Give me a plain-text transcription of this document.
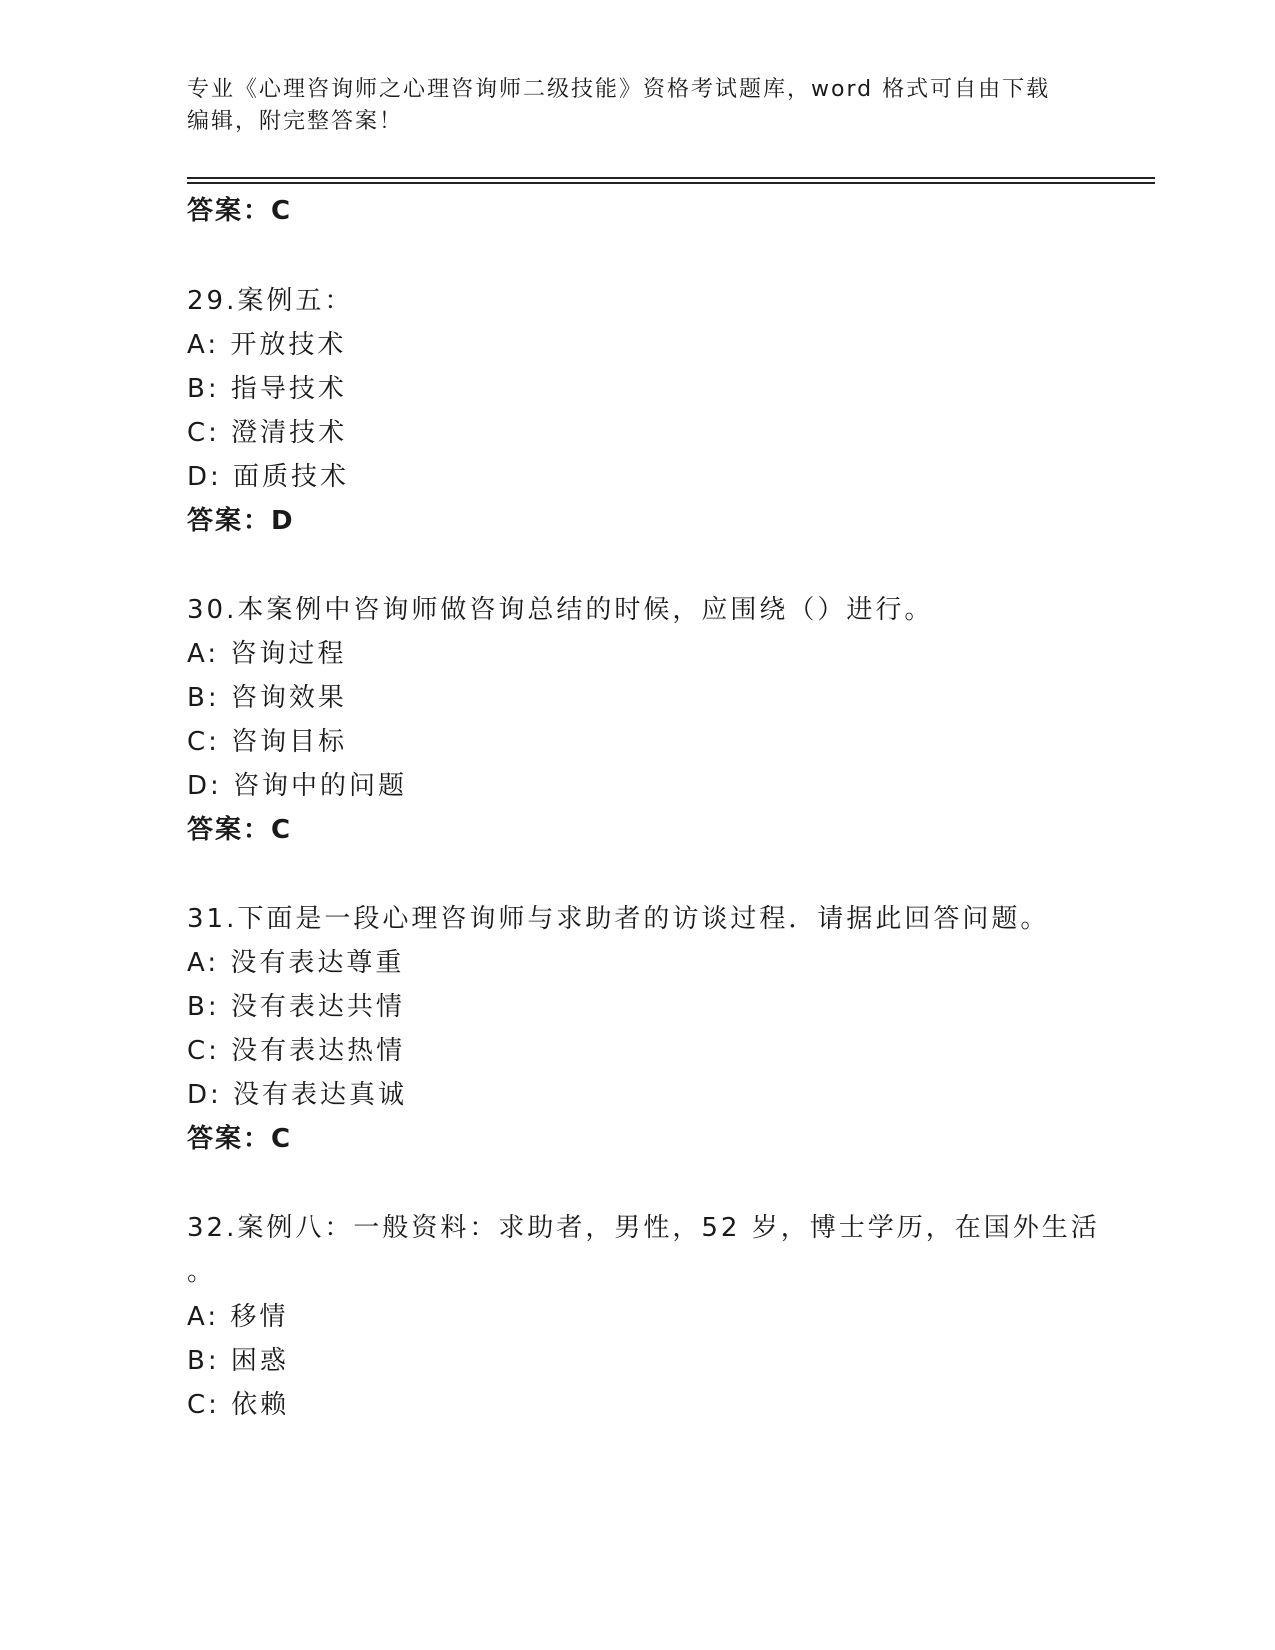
专业《心理咨询师之心理咨询师二级技能》资格考试题库，word 格式可自由下载
编辑，附完整答案！
答案：C
29.案例五：
A: 开放技术
B: 指导技术
C: 澄清技术
D: 面质技术
答案：D
30.本案例中咨询师做咨询总结的时候，应围绕（）进行。
A: 咨询过程
B: 咨询效果
C: 咨询目标
D: 咨询中的问题
答案：C
31.下面是一段心理咨询师与求助者的访谈过程．请据此回答问题。
A: 没有表达尊重
B: 没有表达共情
C: 没有表达热情
D: 没有表达真诚
答案：C
32.案例八：一般资料：求助者，男性，52 岁，博士学历，在国外生活
。
A: 移情
B: 困惑
C: 依赖
